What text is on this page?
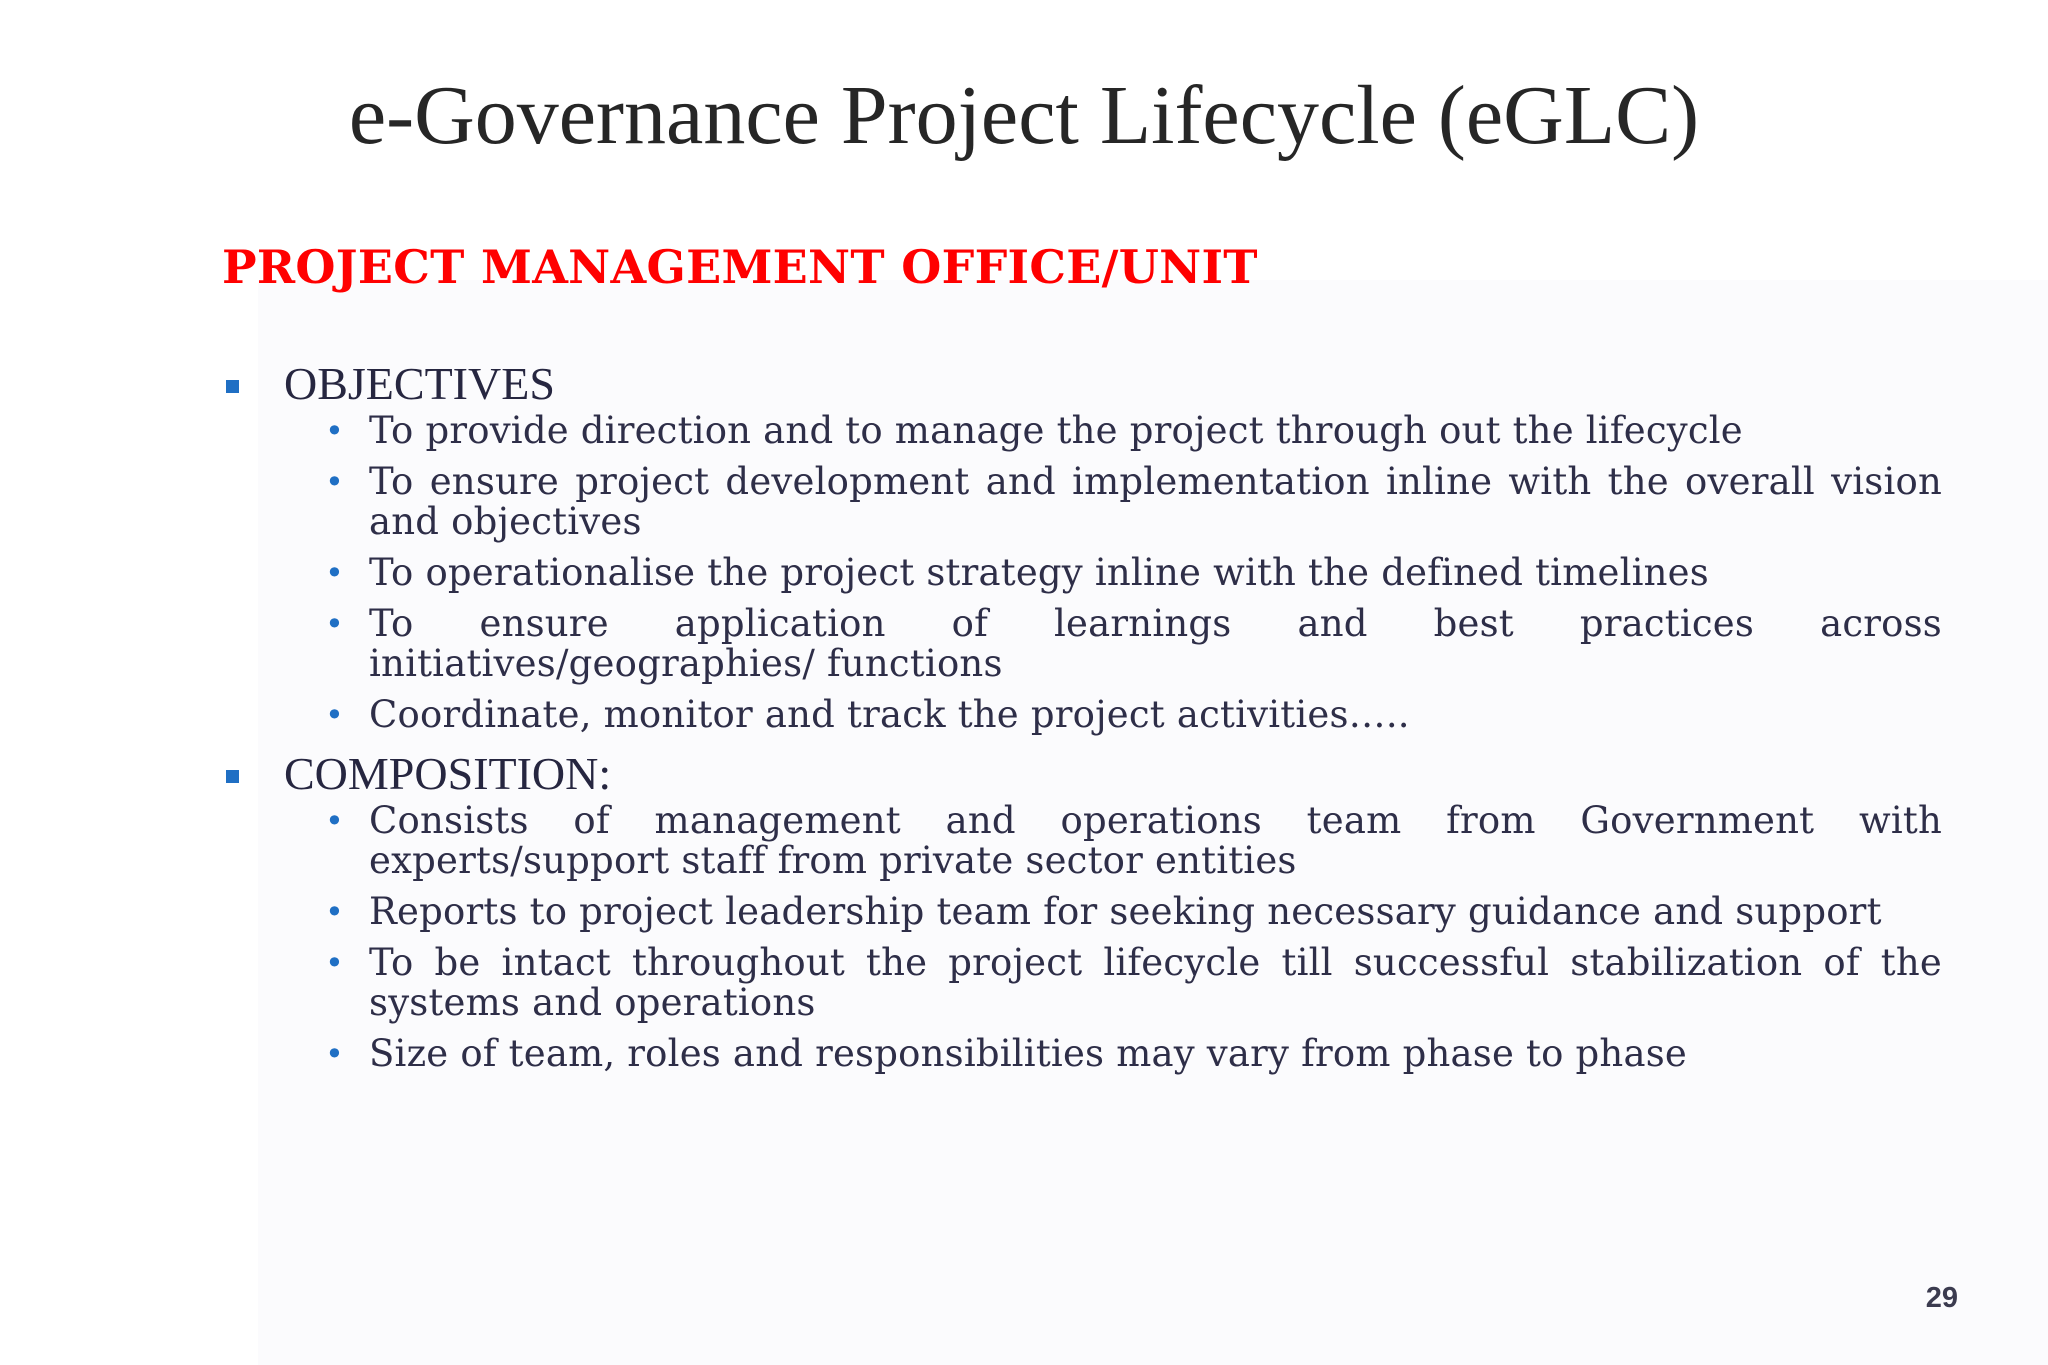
e-Governance Project Lifecycle (eGLC)
PROJECT MANAGEMENT OFFICE/UNIT
OBJECTIVES
• To provide direction and to manage the project through out the lifecycle
• To ensure project development and implementation inline with the overall vision and objectives
• To operationalise the project strategy inline with the defined timelines
• To ensure application of learnings and best practices across initiatives/geographies/ functions
• Coordinate, monitor and track the project activities…..
COMPOSITION:
• Consists of management and operations team from Government with experts/support staff from private sector entities
• Reports to project leadership team for seeking necessary guidance and support
• To be intact throughout the project lifecycle till successful stabilization of the systems and operations
• Size of team, roles and responsibilities may vary from phase to phase
29
